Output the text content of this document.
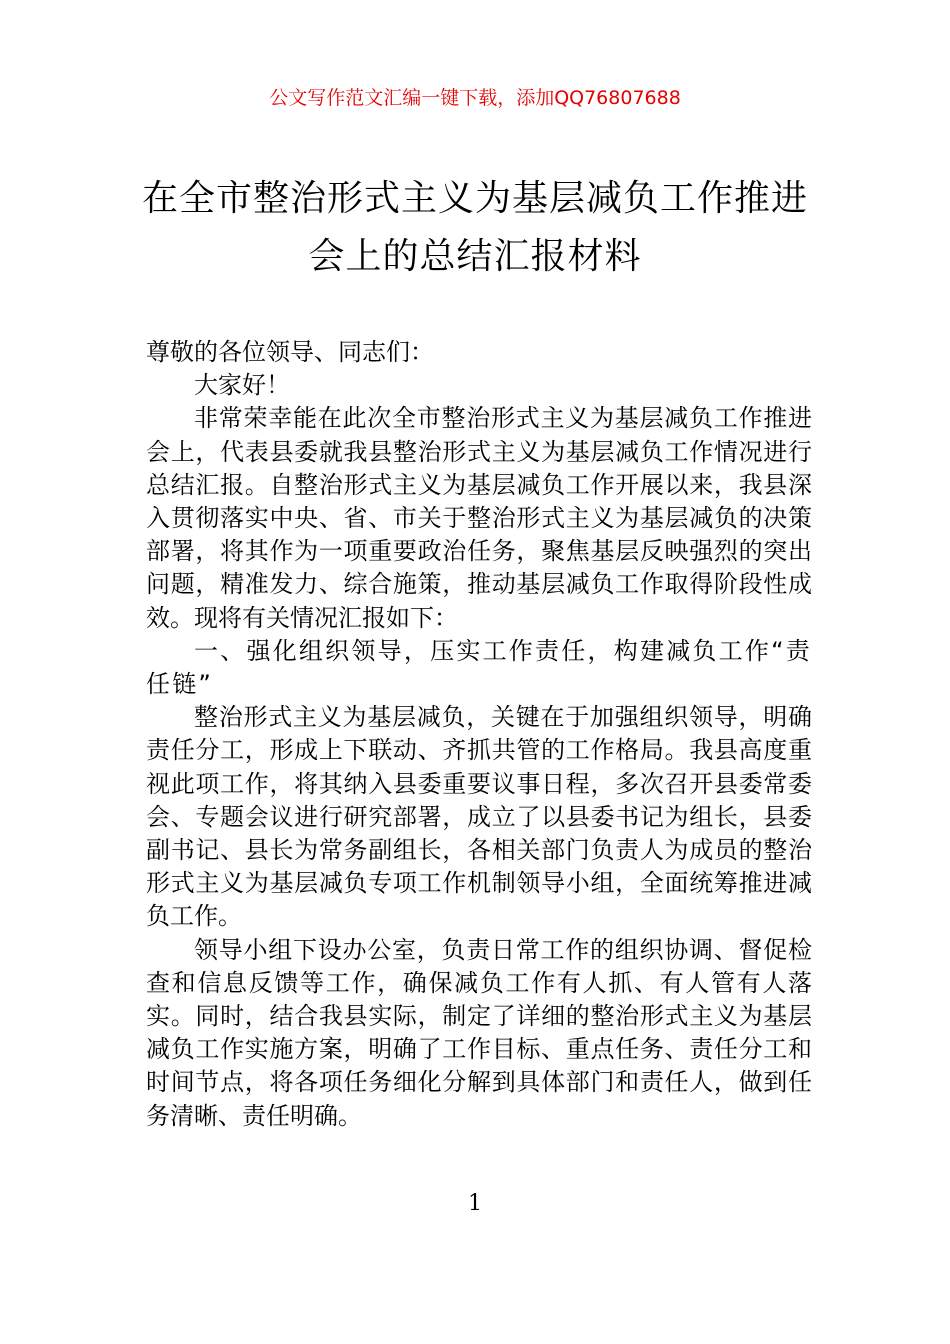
公文写作范文汇编一键下载，添加QQ76807688
在全市整治形式主义为基层减负工作推进
会上的总结汇报材料

尊敬的各位领导、同志们：

大家好！

非常荣幸能在此次全市整治形式主义为基层减负工作推进会上，代表县委就我县整治形式主义为基层减负工作情况进行总结汇报。自整治形式主义为基层减负工作开展以来，我县深入贯彻落实中央、省、市关于整治形式主义为基层减负的决策部署，将其作为一项重要政治任务，聚焦基层反映强烈的突出问题，精准发力、综合施策，推动基层减负工作取得阶段性成效。现将有关情况汇报如下：

一、强化组织领导，压实工作责任，构建减负工作“责任链”

整治形式主义为基层减负，关键在于加强组织领导，明确责任分工，形成上下联动、齐抓共管的工作格局。我县高度重视此项工作，将其纳入县委重要议事日程，多次召开县委常委会、专题会议进行研究部署，成立了以县委书记为组长，县委副书记、县长为常务副组长，各相关部门负责人为成员的整治形式主义为基层减负专项工作机制领导小组，全面统筹推进减负工作。

领导小组下设办公室，负责日常工作的组织协调、督促检查和信息反馈等工作，确保减负工作有人抓、有人管有人落实。同时，结合我县实际，制定了详细的整治形式主义为基层减负工作实施方案，明确了工作目标、重点任务、责任分工和时间节点，将各项任务细化分解到具体部门和责任人，做到任务清晰、责任明确。

1
